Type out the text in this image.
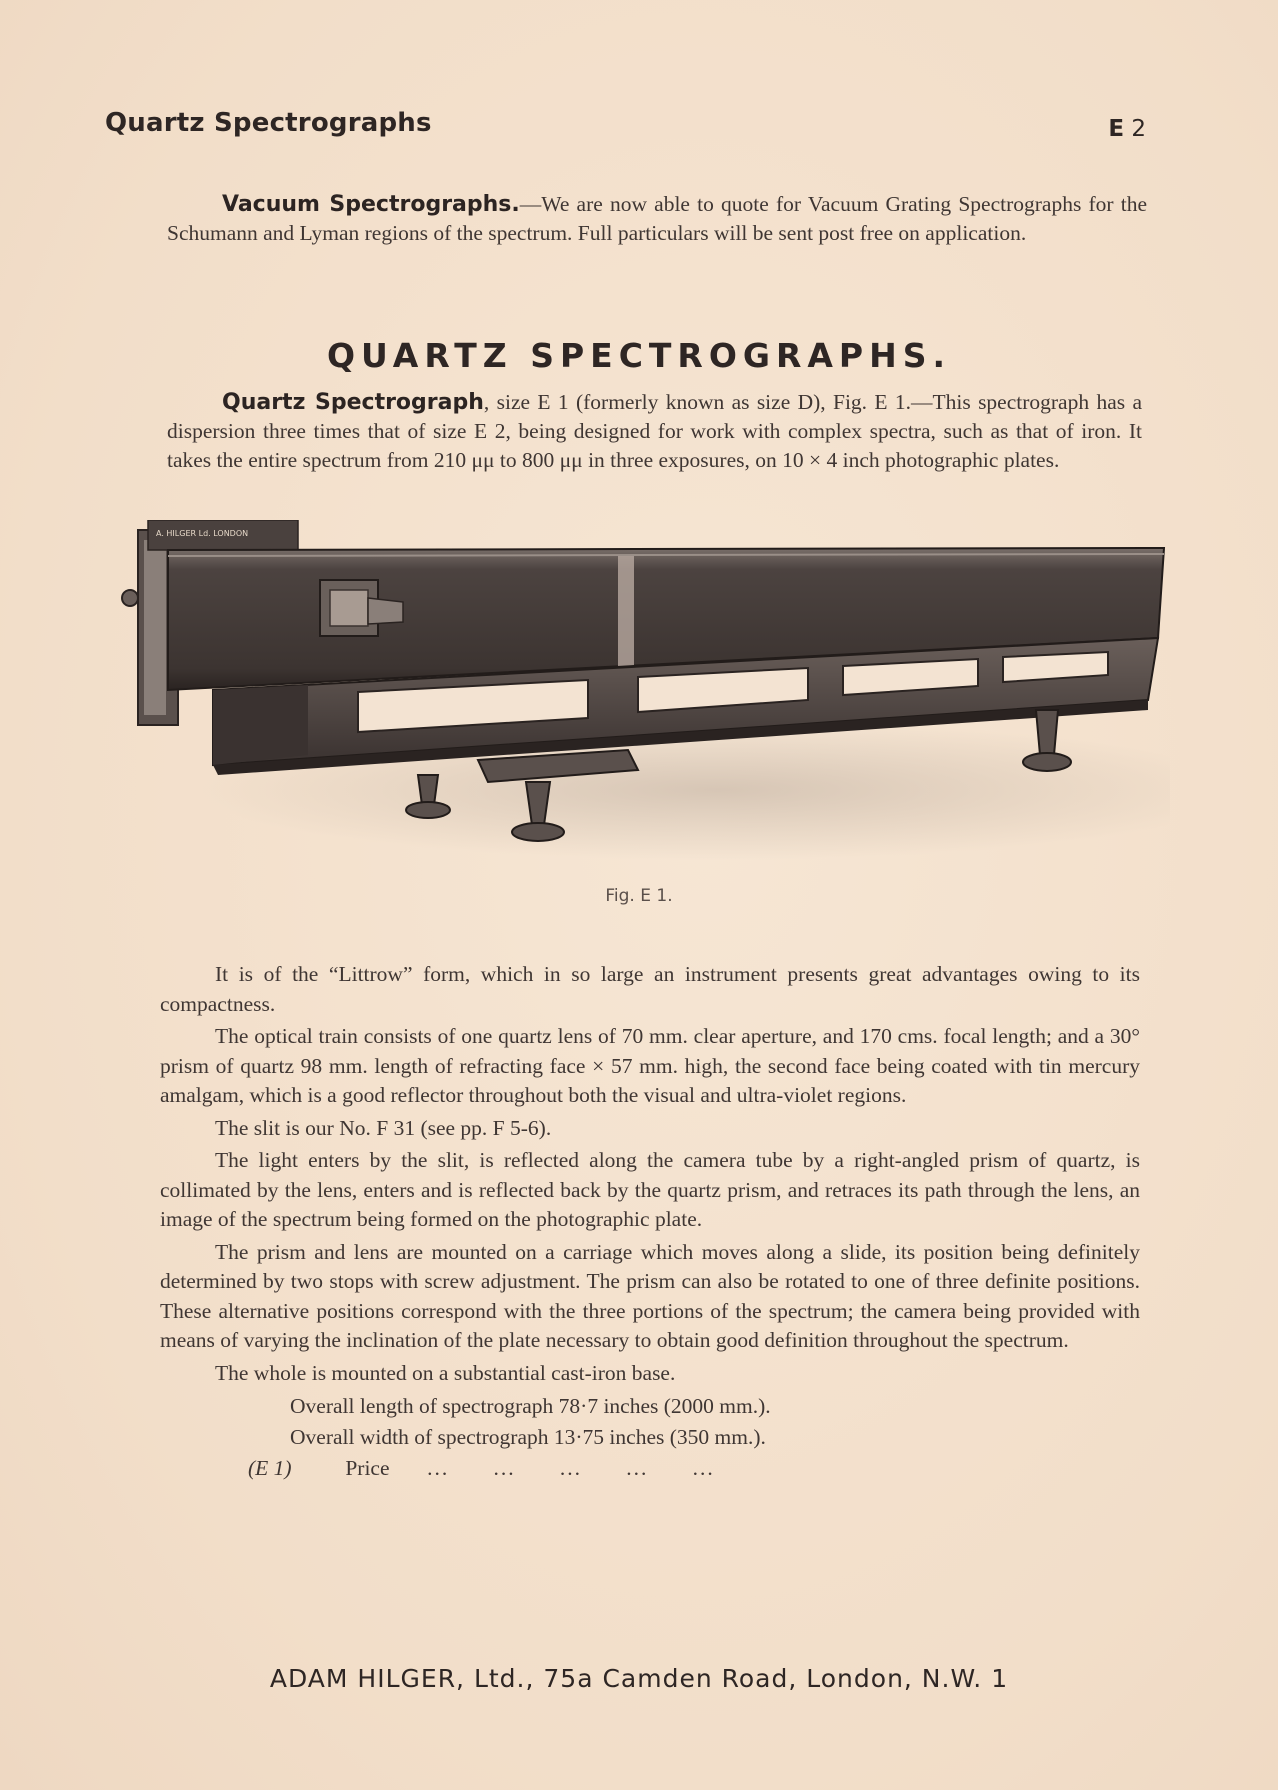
Quartz Spectrographs	E 2

Vacuum Spectrographs.—We are now able to quote for Vacuum Grating Spectrographs for the Schumann and Lyman regions of the spectrum. Full particulars will be sent post free on application.

QUARTZ SPECTROGRAPHS.

Quartz Spectrograph, size E 1 (formerly known as size D), Fig. E 1.—This spectrograph has a dispersion three times that of size E 2, being designed for work with complex spectra, such as that of iron. It takes the entire spectrum from 210 μμ to 800 μμ in three exposures, on 10 × 4 inch photographic plates.

A. HILGER Ld. LONDON
Fig. E 1.

It is of the “Littrow” form, which in so large an instrument presents great advantages owing to its compactness.

The optical train consists of one quartz lens of 70 mm. clear aperture, and 170 cms. focal length; and a 30° prism of quartz 98 mm. length of refracting face × 57 mm. high, the second face being coated with tin mercury amalgam, which is a good reflector throughout both the visual and ultra-violet regions.

The slit is our No. F 31 (see pp. F 5-6).

The light enters by the slit, is reflected along the camera tube by a right-angled prism of quartz, is collimated by the lens, enters and is reflected back by the quartz prism, and retraces its path through the lens, an image of the spectrum being formed on the photographic plate.

The prism and lens are mounted on a carriage which moves along a slide, its position being definitely determined by two stops with screw adjustment. The prism can also be rotated to one of three definite positions. These alternative positions correspond with the three portions of the spectrum; the camera being provided with means of varying the inclination of the plate necessary to obtain good definition throughout the spectrum.

The whole is mounted on a substantial cast-iron base.

Overall length of spectrograph 78·7 inches (2000 mm.).
Overall width of spectrograph 13·75 inches (350 mm.).
(E 1)	Price ...      ...      ...      ...      ...
ADAM HILGER, Ltd., 75a Camden Road, London, N.W. 1
